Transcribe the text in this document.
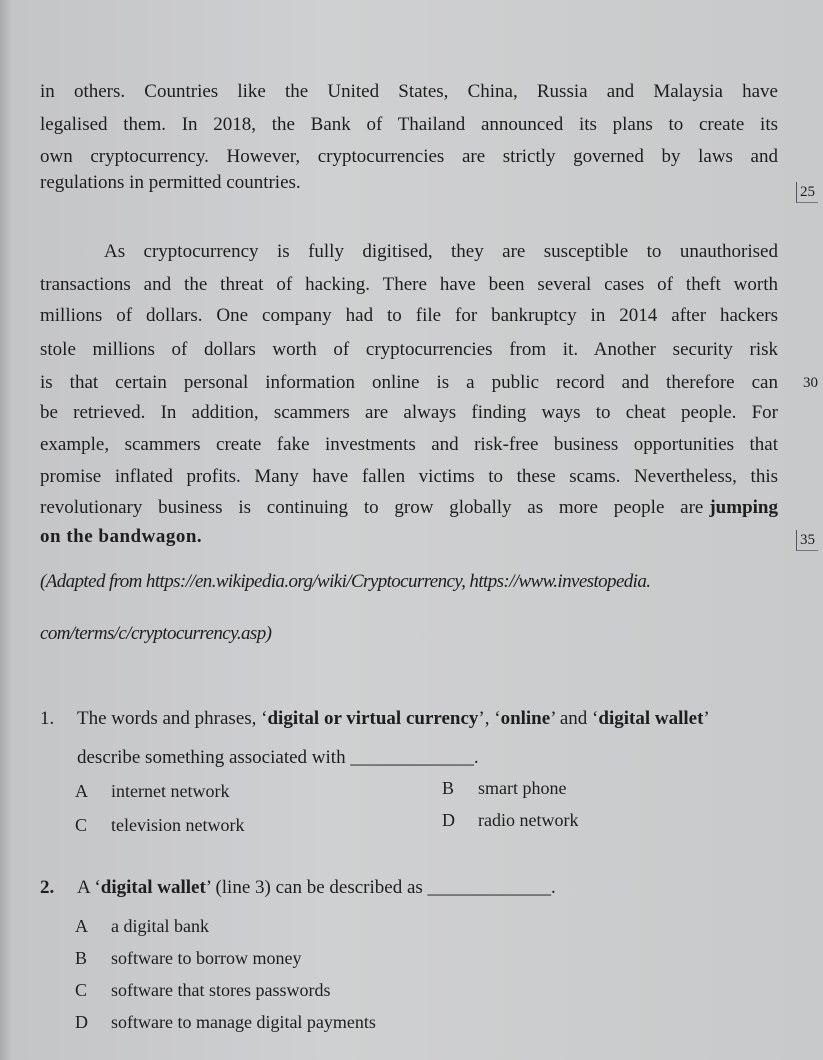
in others. Countries like the United States, China, Russia and Malaysia have
legalised them. In 2018, the Bank of Thailand announced its plans to create its
own cryptocurrency. However, cryptocurrencies are strictly governed by laws and
regulations in permitted countries.	25
As cryptocurrency is fully digitised, they are susceptible to unauthorised
transactions and the threat of hacking. There have been several cases of theft worth
millions of dollars. One company had to file for bankruptcy in 2014 after hackers
stole millions of dollars worth of cryptocurrencies from it. Another security risk
is that certain personal information online is a public record and therefore can 30
be retrieved. In addition, scammers are always finding ways to cheat people. For
example, scammers create fake investments and risk-free business opportunities that
promise inflated profits. Many have fallen victims to these scams. Nevertheless, this
revolutionary business is continuing to grow globally as more people are jumping
on the bandwagon.	35
(Adapted from https://en.wikipedia.org/wiki/Cryptocurrency, https://www.investopedia.
com/terms/c/cryptocurrency.asp)
1. The words and phrases, ‘digital or virtual currency’, ‘online’ and ‘digital wallet’
describe something associated with _____________.
A internet network	B smart phone
C television network	D radio network
2. A ‘digital wallet’ (line 3) can be described as _____________.
A a digital bank
B software to borrow money
C software that stores passwords
D software to manage digital payments
